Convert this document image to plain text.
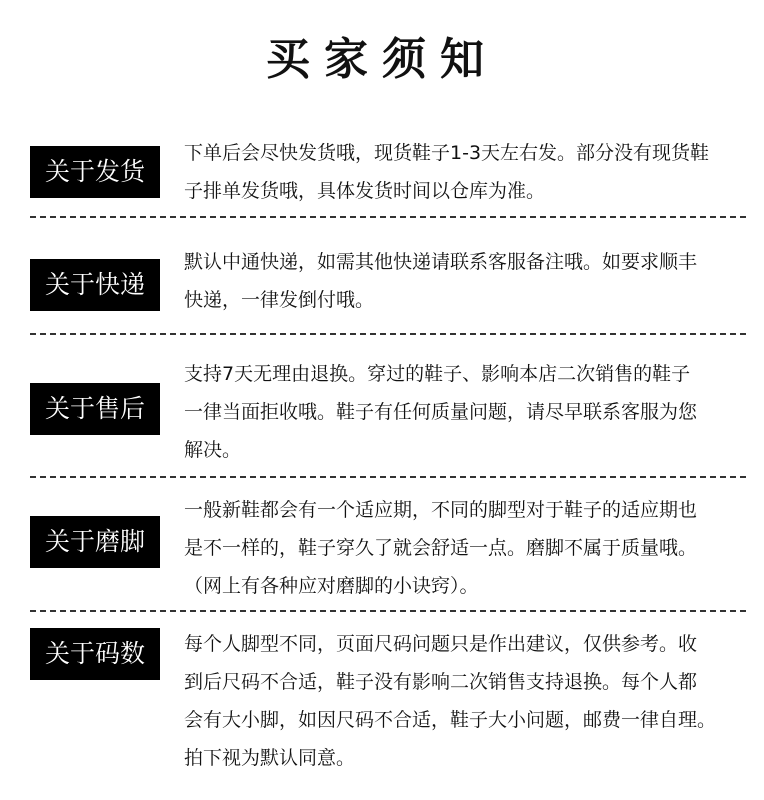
买家须知
关于发货

下单后会尽快发货哦，现货鞋子1-3天左右发。部分没有现货鞋

子排单发货哦，具体发货时间以仓库为准。

关于快递

默认中通快递，如需其他快递请联系客服备注哦。如要求顺丰

快递，一律发倒付哦。

关于售后

支持7天无理由退换。穿过的鞋子、影响本店二次销售的鞋子

一律当面拒收哦。鞋子有任何质量问题，请尽早联系客服为您

解决。

关于磨脚

一般新鞋都会有一个适应期，不同的脚型对于鞋子的适应期也

是不一样的，鞋子穿久了就会舒适一点。磨脚不属于质量哦。

（网上有各种应对磨脚的小诀窍）。

关于码数	每个人脚型不同，页面尺码问题只是作出建议，仅供参考。收

到后尺码不合适，鞋子没有影响二次销售支持退换。每个人都

会有大小脚，如因尺码不合适，鞋子大小问题，邮费一律自理。

拍下视为默认同意。
